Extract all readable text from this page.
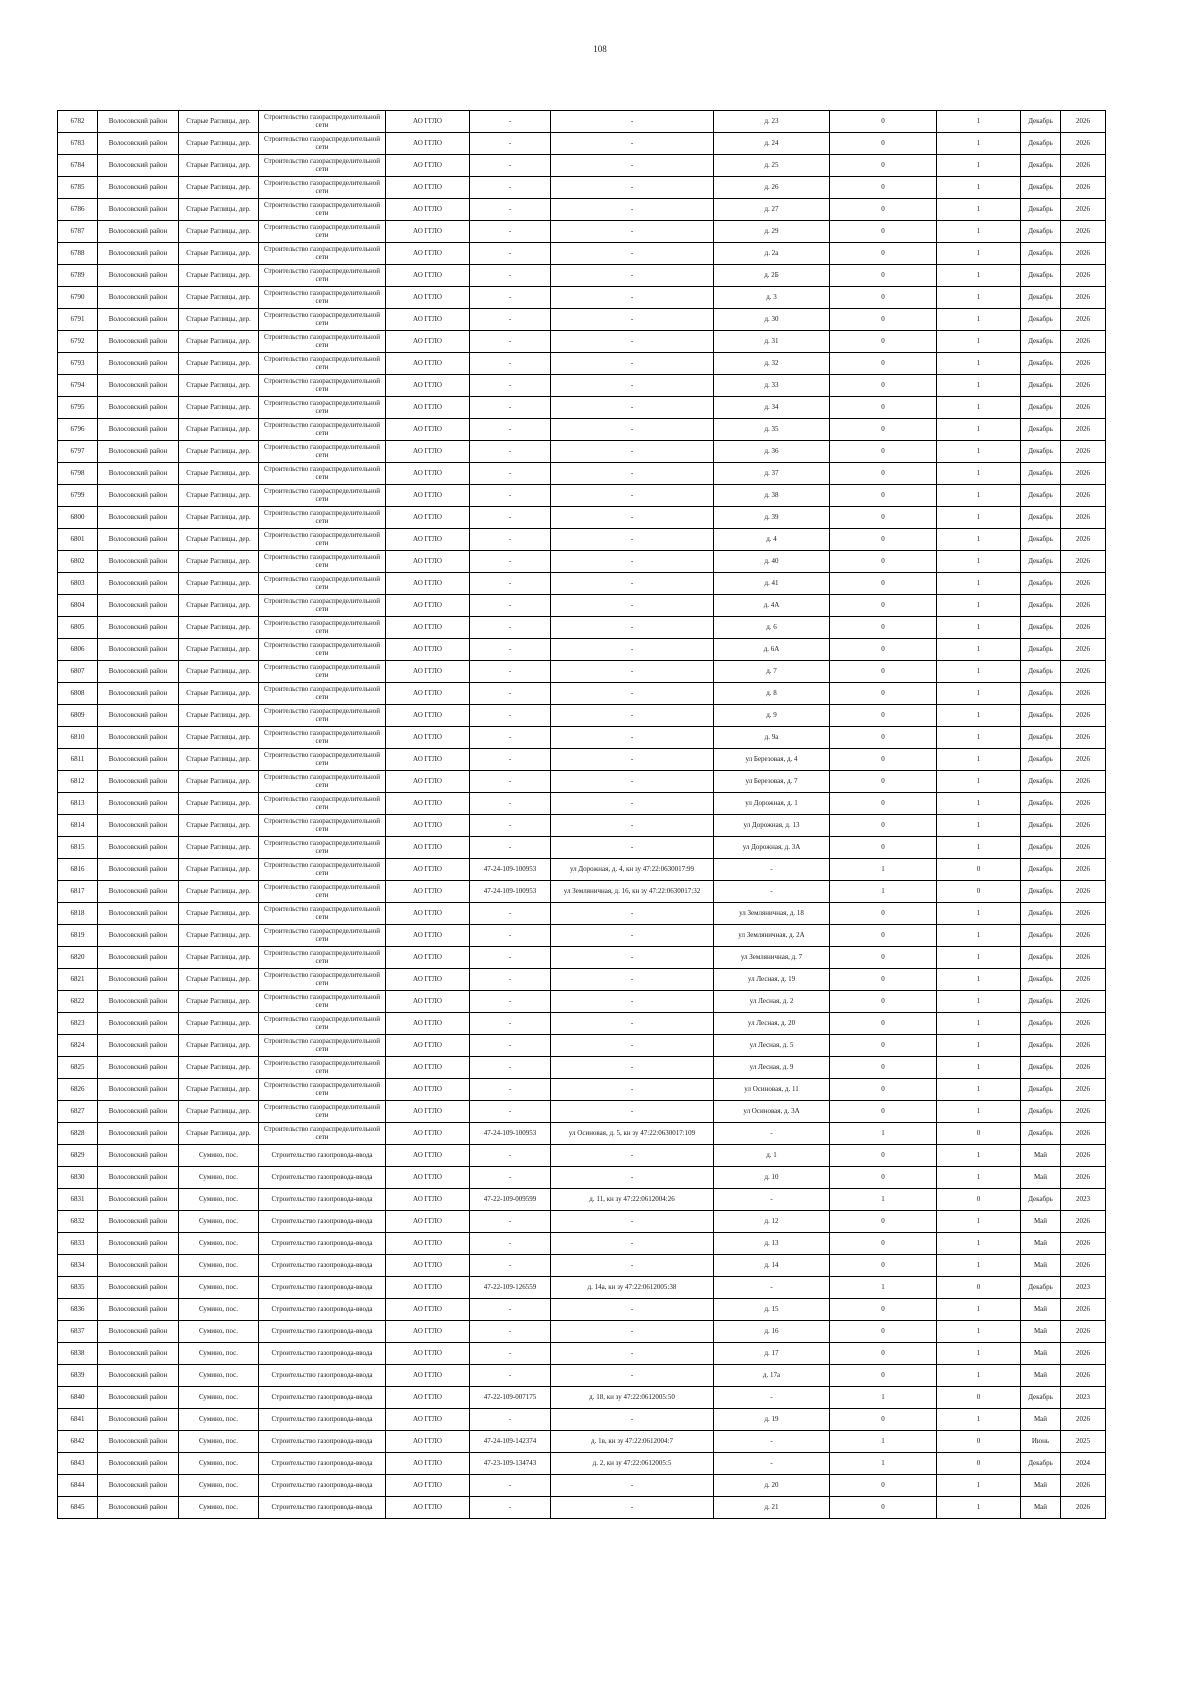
108
6782	Волосовский район	Старые Раглицы, дер.	Строительство газораспределительной сети	АО ГГЛО	-	-	д. 23	0	1	Декабрь	2026
6783	Волосовский район	Старые Раглицы, дер.	Строительство газораспределительной сети	АО ГГЛО	-	-	д. 24	0	1	Декабрь	2026
6784	Волосовский район	Старые Раглицы, дер.	Строительство газораспределительной сети	АО ГГЛО	-	-	д. 25	0	1	Декабрь	2026
6785	Волосовский район	Старые Раглицы, дер.	Строительство газораспределительной сети	АО ГГЛО	-	-	д. 26	0	1	Декабрь	2026
6786	Волосовский район	Старые Раглицы, дер.	Строительство газораспределительной сети	АО ГГЛО	-	-	д. 27	0	1	Декабрь	2026
6787	Волосовский район	Старые Раглицы, дер.	Строительство газораспределительной сети	АО ГГЛО	-	-	д. 29	0	1	Декабрь	2026
6788	Волосовский район	Старые Раглицы, дер.	Строительство газораспределительной сети	АО ГГЛО	-	-	д. 2а	0	1	Декабрь	2026
6789	Волосовский район	Старые Раглицы, дер.	Строительство газораспределительной сети	АО ГГЛО	-	-	д. 2Б	0	1	Декабрь	2026
6790	Волосовский район	Старые Раглицы, дер.	Строительство газораспределительной сети	АО ГГЛО	-	-	д. 3	0	1	Декабрь	2026
6791	Волосовский район	Старые Раглицы, дер.	Строительство газораспределительной сети	АО ГГЛО	-	-	д. 30	0	1	Декабрь	2026
6792	Волосовский район	Старые Раглицы, дер.	Строительство газораспределительной сети	АО ГГЛО	-	-	д. 31	0	1	Декабрь	2026
6793	Волосовский район	Старые Раглицы, дер.	Строительство газораспределительной сети	АО ГГЛО	-	-	д. 32	0	1	Декабрь	2026
6794	Волосовский район	Старые Раглицы, дер.	Строительство газораспределительной сети	АО ГГЛО	-	-	д. 33	0	1	Декабрь	2026
6795	Волосовский район	Старые Раглицы, дер.	Строительство газораспределительной сети	АО ГГЛО	-	-	д. 34	0	1	Декабрь	2026
6796	Волосовский район	Старые Раглицы, дер.	Строительство газораспределительной сети	АО ГГЛО	-	-	д. 35	0	1	Декабрь	2026
6797	Волосовский район	Старые Раглицы, дер.	Строительство газораспределительной сети	АО ГГЛО	-	-	д. 36	0	1	Декабрь	2026
6798	Волосовский район	Старые Раглицы, дер.	Строительство газораспределительной сети	АО ГГЛО	-	-	д. 37	0	1	Декабрь	2026
6799	Волосовский район	Старые Раглицы, дер.	Строительство газораспределительной сети	АО ГГЛО	-	-	д. 38	0	1	Декабрь	2026
6800	Волосовский район	Старые Раглицы, дер.	Строительство газораспределительной сети	АО ГГЛО	-	-	д. 39	0	1	Декабрь	2026
6801	Волосовский район	Старые Раглицы, дер.	Строительство газораспределительной сети	АО ГГЛО	-	-	д. 4	0	1	Декабрь	2026
6802	Волосовский район	Старые Раглицы, дер.	Строительство газораспределительной сети	АО ГГЛО	-	-	д. 40	0	1	Декабрь	2026
6803	Волосовский район	Старые Раглицы, дер.	Строительство газораспределительной сети	АО ГГЛО	-	-	д. 41	0	1	Декабрь	2026
6804	Волосовский район	Старые Раглицы, дер.	Строительство газораспределительной сети	АО ГГЛО	-	-	д. 4А	0	1	Декабрь	2026
6805	Волосовский район	Старые Раглицы, дер.	Строительство газораспределительной сети	АО ГГЛО	-	-	д. 6	0	1	Декабрь	2026
6806	Волосовский район	Старые Раглицы, дер.	Строительство газораспределительной сети	АО ГГЛО	-	-	д. 6А	0	1	Декабрь	2026
6807	Волосовский район	Старые Раглицы, дер.	Строительство газораспределительной сети	АО ГГЛО	-	-	д. 7	0	1	Декабрь	2026
6808	Волосовский район	Старые Раглицы, дер.	Строительство газораспределительной сети	АО ГГЛО	-	-	д. 8	0	1	Декабрь	2026
6809	Волосовский район	Старые Раглицы, дер.	Строительство газораспределительной сети	АО ГГЛО	-	-	д. 9	0	1	Декабрь	2026
6810	Волосовский район	Старые Раглицы, дер.	Строительство газораспределительной сети	АО ГГЛО	-	-	д. 9а	0	1	Декабрь	2026
6811	Волосовский район	Старые Раглицы, дер.	Строительство газораспределительной сети	АО ГГЛО	-	-	ул Березовая, д. 4	0	1	Декабрь	2026
6812	Волосовский район	Старые Раглицы, дер.	Строительство газораспределительной сети	АО ГГЛО	-	-	ул Березовая, д. 7	0	1	Декабрь	2026
6813	Волосовский район	Старые Раглицы, дер.	Строительство газораспределительной сети	АО ГГЛО	-	-	ул Дорожная, д. 1	0	1	Декабрь	2026
6814	Волосовский район	Старые Раглицы, дер.	Строительство газораспределительной сети	АО ГГЛО	-	-	ул Дорожная, д. 13	0	1	Декабрь	2026
6815	Волосовский район	Старые Раглицы, дер.	Строительство газораспределительной сети	АО ГГЛО	-	-	ул Дорожная, д. 3А	0	1	Декабрь	2026
6816	Волосовский район	Старые Раглицы, дер.	Строительство газораспределительной сети	АО ГГЛО	47-24-109-100953	ул Дорожная, д. 4, кн зу 47:22:0630017:99	-	1	0	Декабрь	2026
6817	Волосовский район	Старые Раглицы, дер.	Строительство газораспределительной сети	АО ГГЛО	47-24-109-100953	ул Земляничная, д. 16, кн зу 47:22:0630017:32	-	1	0	Декабрь	2026
6818	Волосовский район	Старые Раглицы, дер.	Строительство газораспределительной сети	АО ГГЛО	-	-	ул Земляничная, д. 18	0	1	Декабрь	2026
6819	Волосовский район	Старые Раглицы, дер.	Строительство газораспределительной сети	АО ГГЛО	-	-	ул Земляничная, д. 2А	0	1	Декабрь	2026
6820	Волосовский район	Старые Раглицы, дер.	Строительство газораспределительной сети	АО ГГЛО	-	-	ул Земляничная, д. 7	0	1	Декабрь	2026
6821	Волосовский район	Старые Раглицы, дер.	Строительство газораспределительной сети	АО ГГЛО	-	-	ул Лесная, д. 19	0	1	Декабрь	2026
6822	Волосовский район	Старые Раглицы, дер.	Строительство газораспределительной сети	АО ГГЛО	-	-	ул Лесная, д. 2	0	1	Декабрь	2026
6823	Волосовский район	Старые Раглицы, дер.	Строительство газораспределительной сети	АО ГГЛО	-	-	ул Лесная, д. 20	0	1	Декабрь	2026
6824	Волосовский район	Старые Раглицы, дер.	Строительство газораспределительной сети	АО ГГЛО	-	-	ул Лесная, д. 5	0	1	Декабрь	2026
6825	Волосовский район	Старые Раглицы, дер.	Строительство газораспределительной сети	АО ГГЛО	-	-	ул Лесная, д. 9	0	1	Декабрь	2026
6826	Волосовский район	Старые Раглицы, дер.	Строительство газораспределительной сети	АО ГГЛО	-	-	ул Осиновая, д. 11	0	1	Декабрь	2026
6827	Волосовский район	Старые Раглицы, дер.	Строительство газораспределительной сети	АО ГГЛО	-	-	ул Осиновая, д. 3А	0	1	Декабрь	2026
6828	Волосовский район	Старые Раглицы, дер.	Строительство газораспределительной сети	АО ГГЛО	47-24-109-100953	ул Осиновая, д. 5, кн зу 47:22:0630017:109	-	1	0	Декабрь	2026
6829	Волосовский район	Сумино, пос.	Строительство газопровода-ввода	АО ГГЛО	-	-	д. 1	0	1	Май	2026
6830	Волосовский район	Сумино, пос.	Строительство газопровода-ввода	АО ГГЛО	-	-	д. 10	0	1	Май	2026
6831	Волосовский район	Сумино, пос.	Строительство газопровода-ввода	АО ГГЛО	47-22-109-009599	д. 11, кн зу 47:22:0612004:26	-	1	0	Декабрь	2023
6832	Волосовский район	Сумино, пос.	Строительство газопровода-ввода	АО ГГЛО	-	-	д. 12	0	1	Май	2026
6833	Волосовский район	Сумино, пос.	Строительство газопровода-ввода	АО ГГЛО	-	-	д. 13	0	1	Май	2026
6834	Волосовский район	Сумино, пос.	Строительство газопровода-ввода	АО ГГЛО	-	-	д. 14	0	1	Май	2026
6835	Волосовский район	Сумино, пос.	Строительство газопровода-ввода	АО ГГЛО	47-22-109-126559	д. 14а, кн зу 47:22:0612005:38	-	1	0	Декабрь	2023
6836	Волосовский район	Сумино, пос.	Строительство газопровода-ввода	АО ГГЛО	-	-	д. 15	0	1	Май	2026
6837	Волосовский район	Сумино, пос.	Строительство газопровода-ввода	АО ГГЛО	-	-	д. 16	0	1	Май	2026
6838	Волосовский район	Сумино, пос.	Строительство газопровода-ввода	АО ГГЛО	-	-	д. 17	0	1	Май	2026
6839	Волосовский район	Сумино, пос.	Строительство газопровода-ввода	АО ГГЛО	-	-	д. 17а	0	1	Май	2026
6840	Волосовский район	Сумино, пос.	Строительство газопровода-ввода	АО ГГЛО	47-22-109-007175	д. 18, кн зу 47:22:0612005:50	-	1	0	Декабрь	2023
6841	Волосовский район	Сумино, пос.	Строительство газопровода-ввода	АО ГГЛО	-	-	д. 19	0	1	Май	2026
6842	Волосовский район	Сумино, пос.	Строительство газопровода-ввода	АО ГГЛО	47-24-109-142374	д. 1в, кн зу 47:22:0612004:7	-	1	0	Июнь	2025
6843	Волосовский район	Сумино, пос.	Строительство газопровода-ввода	АО ГГЛО	47-23-109-134743	д. 2, кн зу 47:22:0612005:5	-	1	0	Декабрь	2024
6844	Волосовский район	Сумино, пос.	Строительство газопровода-ввода	АО ГГЛО	-	-	д. 20	0	1	Май	2026
6845	Волосовский район	Сумино, пос.	Строительство газопровода-ввода	АО ГГЛО	-	-	д. 21	0	1	Май	2026
